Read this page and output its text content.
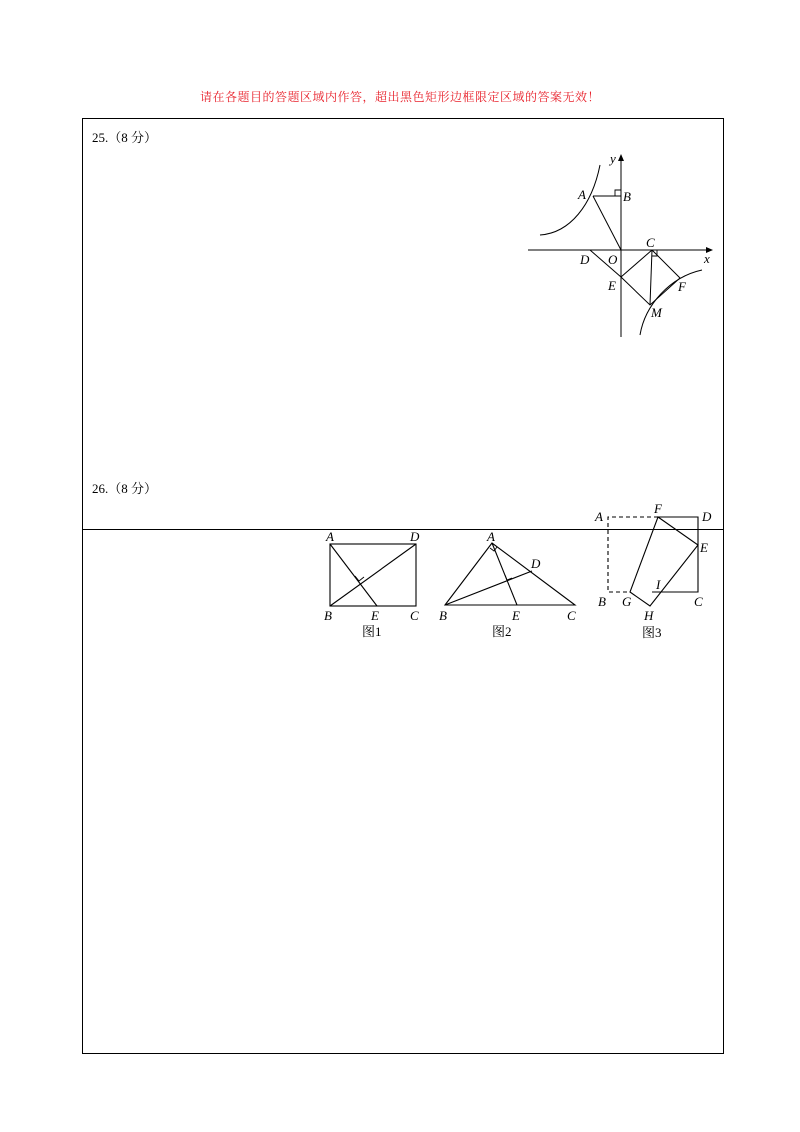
请在各题目的答题区域内作答，超出黑色矩形边框限定区域的答案无效！
25.（8 分）
26.（8 分）
y
x
A	B
C
D O
E	F
M
A	D
B	E C
图1
A
D
B	E	C
图2
A
F
D
E
I
B G
H
C
图3
